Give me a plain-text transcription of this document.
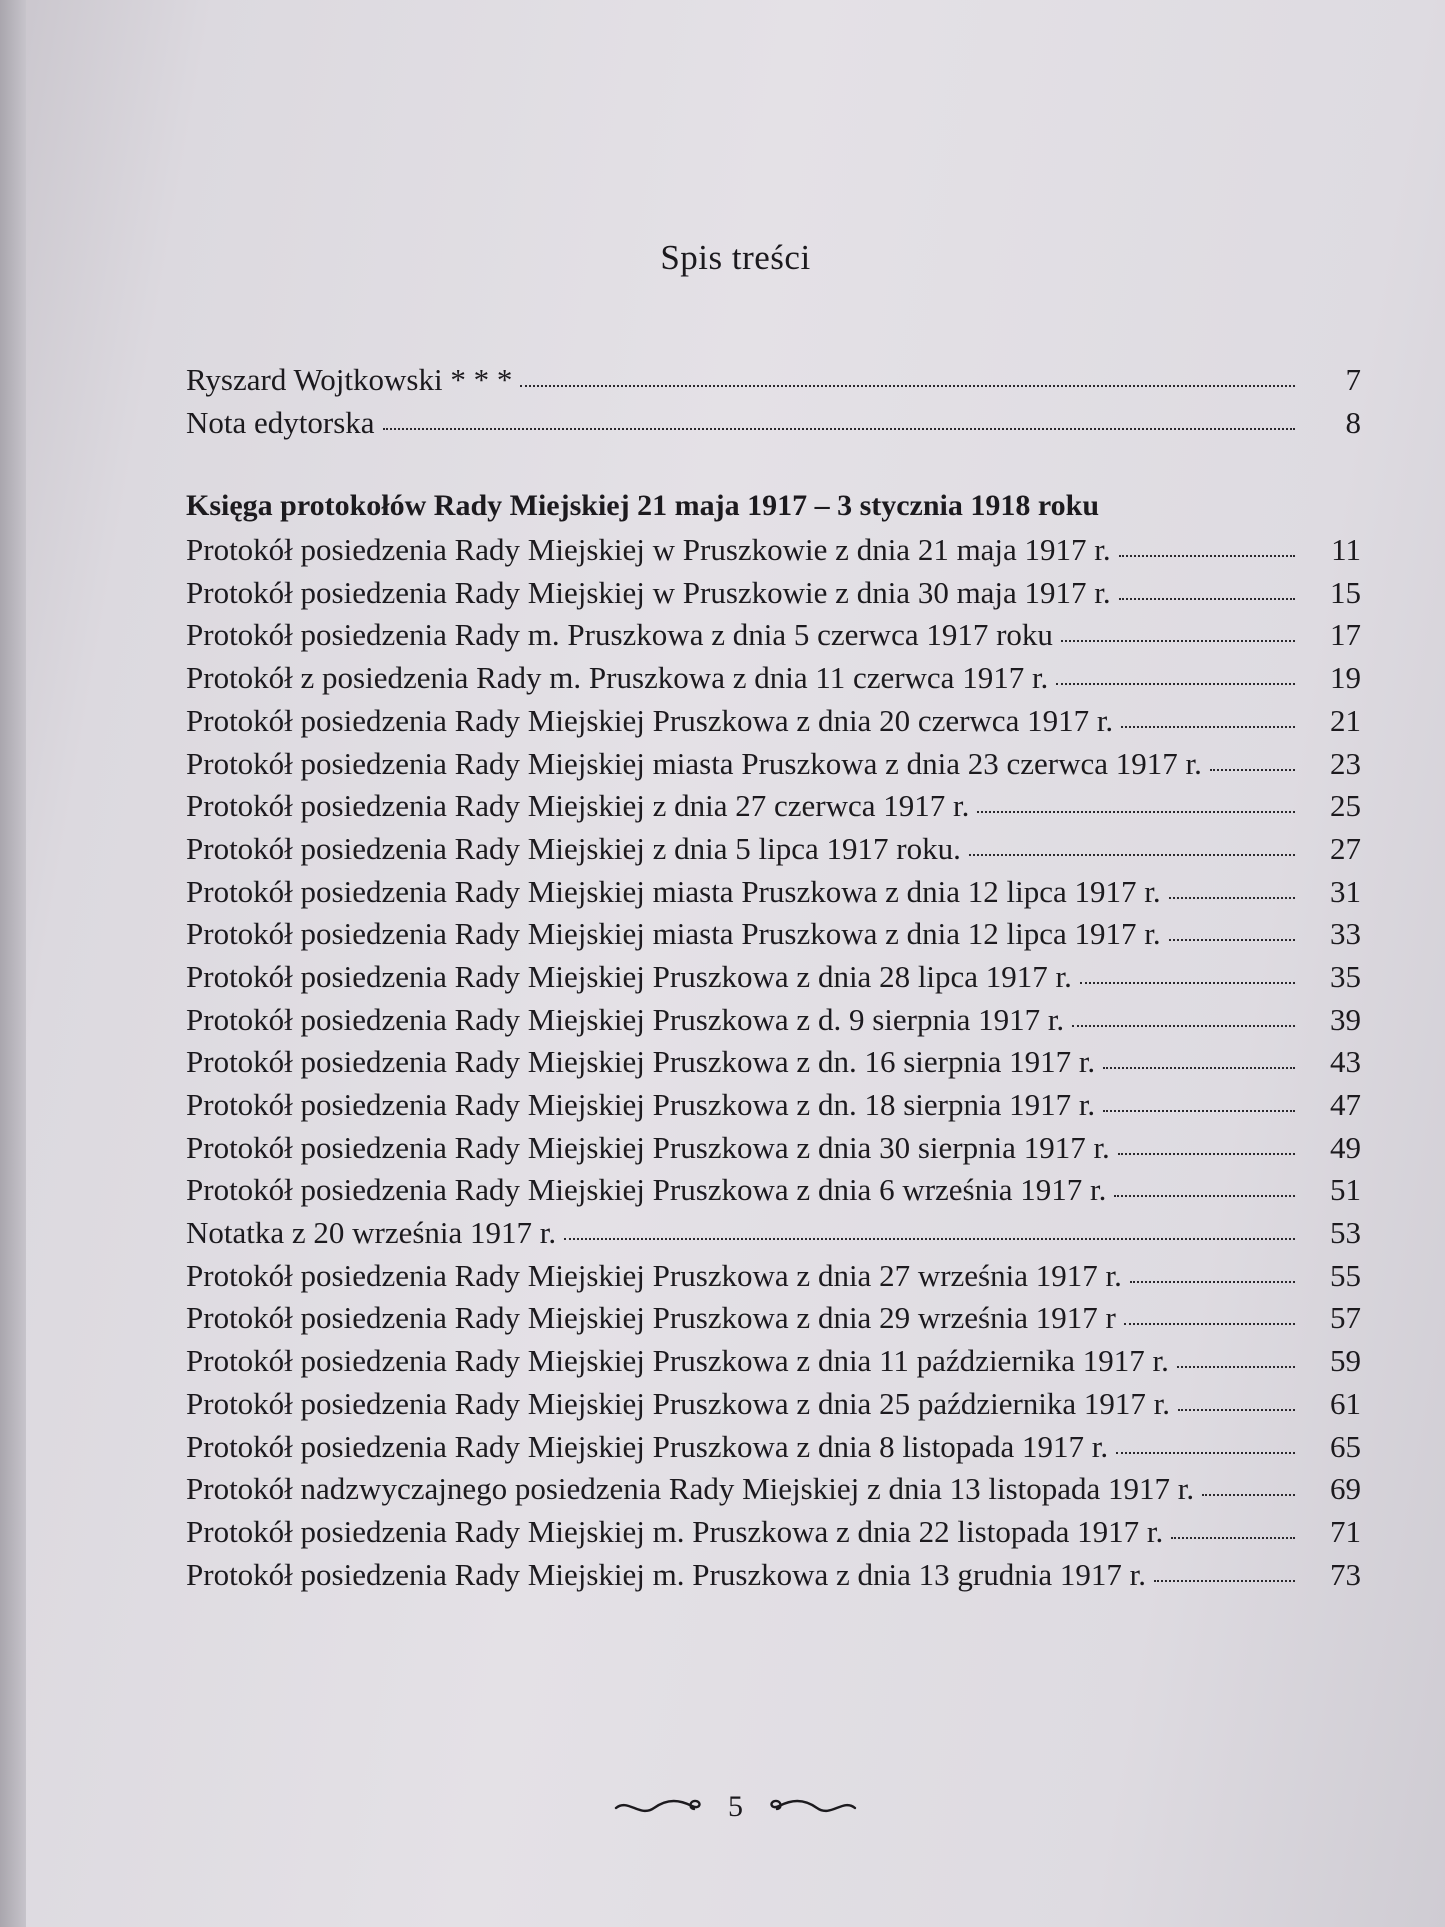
Spis treści
Ryszard Wojtkowski * * *	7
Nota edytorska	8
Księga protokołów Rady Miejskiej 21 maja 1917 – 3 stycznia 1918 roku
Protokół posiedzenia Rady Miejskiej w Pruszkowie z dnia 21 maja 1917 r.	11
Protokół posiedzenia Rady Miejskiej w Pruszkowie z dnia 30 maja 1917 r.	15
Protokół posiedzenia Rady m. Pruszkowa z dnia 5 czerwca 1917 roku	17
Protokół z posiedzenia Rady m. Pruszkowa z dnia 11 czerwca 1917 r.	19
Protokół posiedzenia Rady Miejskiej Pruszkowa z dnia 20 czerwca 1917 r.	21
Protokół posiedzenia Rady Miejskiej miasta Pruszkowa z dnia 23 czerwca 1917 r.	23
Protokół posiedzenia Rady Miejskiej z dnia 27 czerwca 1917 r.	25
Protokół posiedzenia Rady Miejskiej z dnia 5 lipca 1917 roku.	27
Protokół posiedzenia Rady Miejskiej miasta Pruszkowa z dnia 12 lipca 1917 r.	31
Protokół posiedzenia Rady Miejskiej miasta Pruszkowa z dnia 12 lipca 1917 r.	33
Protokół posiedzenia Rady Miejskiej Pruszkowa z dnia 28 lipca 1917 r.	35
Protokół posiedzenia Rady Miejskiej Pruszkowa z d. 9 sierpnia 1917 r.	39
Protokół posiedzenia Rady Miejskiej Pruszkowa z dn. 16 sierpnia 1917 r.	43
Protokół posiedzenia Rady Miejskiej Pruszkowa z dn. 18 sierpnia 1917 r.	47
Protokół posiedzenia Rady Miejskiej Pruszkowa z dnia 30 sierpnia 1917 r.	49
Protokół posiedzenia Rady Miejskiej Pruszkowa z dnia 6 września 1917 r.	51
Notatka z 20 września 1917 r.	53
Protokół posiedzenia Rady Miejskiej Pruszkowa z dnia 27 września 1917 r.	55
Protokół posiedzenia Rady Miejskiej Pruszkowa z dnia 29 września 1917 r	57
Protokół posiedzenia Rady Miejskiej Pruszkowa z dnia 11 października 1917 r.	59
Protokół posiedzenia Rady Miejskiej Pruszkowa z dnia 25 października 1917 r.	61
Protokół posiedzenia Rady Miejskiej Pruszkowa z dnia 8 listopada 1917 r.	65
Protokół nadzwyczajnego posiedzenia Rady Miejskiej z dnia 13 listopada 1917 r.	69
Protokół posiedzenia Rady Miejskiej m. Pruszkowa z dnia 22 listopada 1917 r.	71
Protokół posiedzenia Rady Miejskiej m. Pruszkowa z dnia 13 grudnia 1917 r.	73
5
